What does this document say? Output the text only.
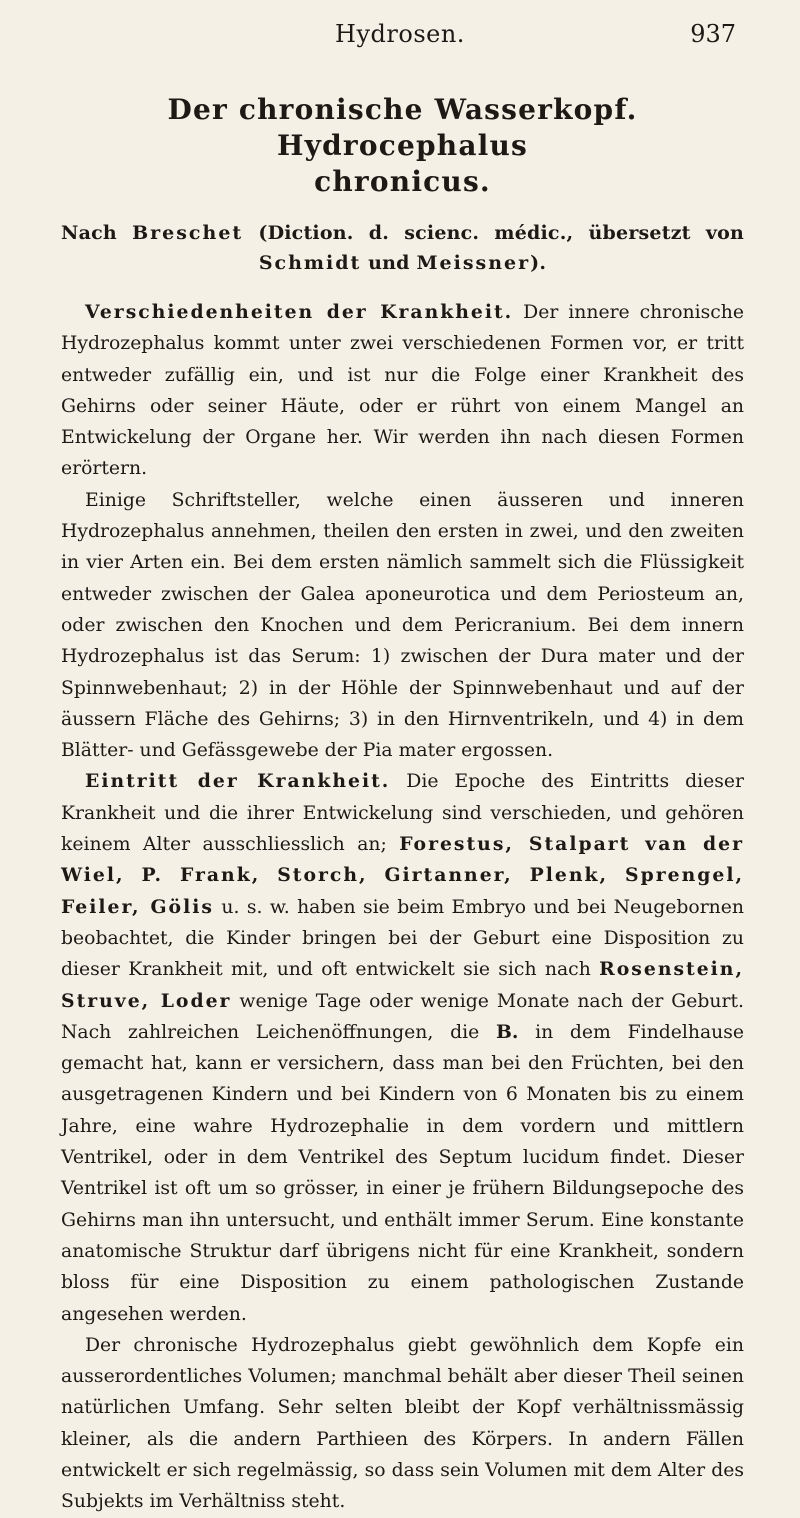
Hydrosen.	937
Der chronische Wasserkopf. Hydrocephalus
chronicus.
Nach Breschet (Diction. d. scienc. médic., übersetzt von Schmidt und Meissner).

Verschiedenheiten der Krankheit. Der innere chronische Hydrozephalus kommt unter zwei verschiedenen Formen vor, er tritt entweder zufällig ein, und ist nur die Folge einer Krankheit des Gehirns oder seiner Häute, oder er rührt von einem Mangel an Entwickelung der Organe her. Wir werden ihn nach diesen Formen erörtern.

Einige Schriftsteller, welche einen äusseren und inneren Hydrozephalus annehmen, theilen den ersten in zwei, und den zweiten in vier Arten ein. Bei dem ersten nämlich sammelt sich die Flüssigkeit entweder zwischen der Galea aponeurotica und dem Periosteum an, oder zwischen den Knochen und dem Pericranium. Bei dem innern Hydrozephalus ist das Serum: 1) zwischen der Dura mater und der Spinnwebenhaut; 2) in der Höhle der Spinnwebenhaut und auf der äussern Fläche des Gehirns; 3) in den Hirnventrikeln, und 4) in dem Blätter- und Gefässgewebe der Pia mater ergossen.

Eintritt der Krankheit. Die Epoche des Eintritts dieser Krankheit und die ihrer Entwickelung sind verschieden, und gehören keinem Alter ausschliesslich an; Forestus, Stalpart van der Wiel, P. Frank, Storch, Girtanner, Plenk, Sprengel, Feiler, Gölis u. s. w. haben sie beim Embryo und bei Neugebornen beobachtet, die Kinder bringen bei der Geburt eine Disposition zu dieser Krankheit mit, und oft entwickelt sie sich nach Rosenstein, Struve, Loder wenige Tage oder wenige Monate nach der Geburt. Nach zahlreichen Leichenöffnungen, die B. in dem Findelhause gemacht hat, kann er versichern, dass man bei den Früchten, bei den ausgetragenen Kindern und bei Kindern von 6 Monaten bis zu einem Jahre, eine wahre Hydrozephalie in dem vordern und mittlern Ventrikel, oder in dem Ventrikel des Septum lucidum findet. Dieser Ventrikel ist oft um so grösser, in einer je frühern Bildungsepoche des Gehirns man ihn untersucht, und enthält immer Serum. Eine konstante anatomische Struktur darf übrigens nicht für eine Krankheit, sondern bloss für eine Disposition zu einem pathologischen Zustande angesehen werden.

Der chronische Hydrozephalus giebt gewöhnlich dem Kopfe ein ausserordentliches Volumen; manchmal behält aber dieser Theil seinen natürlichen Umfang. Sehr selten bleibt der Kopf verhältnissmässig kleiner, als die andern Parthieen des Körpers. In andern Fällen entwickelt er sich regelmässig, so dass sein Volumen mit dem Alter des Subjekts im Verhältniss steht.
